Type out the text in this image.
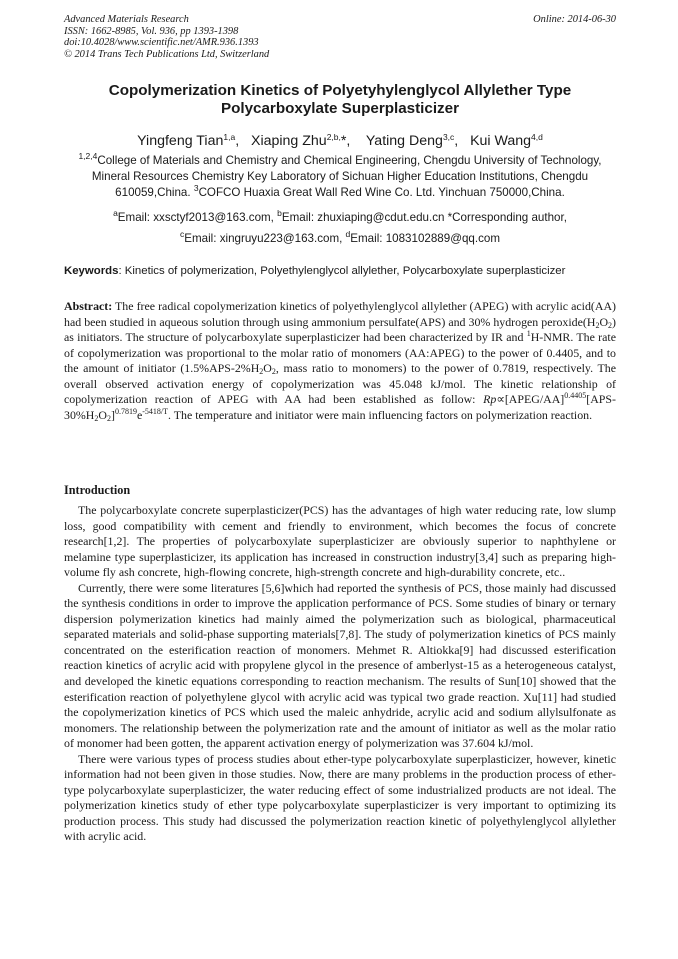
Advanced Materials Research
ISSN: 1662-8985, Vol. 936, pp 1393-1398
doi:10.4028/www.scientific.net/AMR.936.1393
© 2014 Trans Tech Publications Ltd, Switzerland
Online: 2014-06-30
Copolymerization Kinetics of Polyetyhylenglycol Allylether Type
Polycarboxylate Superplasticizer
Yingfeng Tian$^{1,a}$,   Xiaping Zhu$^{2,b,}$*,    Yating Deng$^{3,c}$,   Kui Wang$^{4,d}$
$^{1,2,4}$College of Materials and Chemistry and Chemical Engineering, Chengdu University of Technology, Mineral Resources Chemistry Key Laboratory of Sichuan Higher Education Institutions, Chengdu 610059,China. $^3$COFCO Huaxia Great Wall Red Wine Co. Ltd. Yinchuan 750000,China.
$^a$Email: xxsctyf2013@163.com, $^b$Email: zhuxiaping@cdut.edu.cn *Corresponding author,
$^c$Email: xingruyu223@163.com, $^d$Email: 1083102889@qq.com
Keywords: Kinetics of polymerization, Polyethylenglycol allylether, Polycarboxylate superplasticizer
Abstract: The free radical copolymerization kinetics of polyethylenglycol allylether (APEG) with acrylic acid(AA) had been studied in aqueous solution through using ammonium persulfate(APS) and 30% hydrogen $peroxide(H_2O_2)$ as initiators. The structure of polycarboxylate superplasticizer had been characterized by IR and $^1$H-NMR. The rate of copolymerization was proportional to the molar ratio of monomers (AA:APEG) to the power of 0.4405, and to the amount of initiator ($1.5\%APS-2\%H_2O_2$, mass ratio to monomers) to the power of 0.7819, respectively. The overall observed activation energy of copolymerization was 45.048 kJ/mol. The kinetic relationship of copolymerization reaction of APEG with AA had been established as follow: $Rp\propto[APEG/AA]^{0.4405}[APS-30\%H_2O_2]^{0.7819}e^{-5418/T}$. The temperature and initiator were main influencing factors on polymerization reaction.
Introduction

The polycarboxylate concrete superplasticizer(PCS) has the advantages of high water reducing rate, low slump loss, good compatibility with cement and friendly to environment, which becomes the focus of concrete research[1,2]. The properties of polycarboxylate superplasticizer are obviously superior to naphthylene or melamine type superplasticizer, its application has increased in construction industry[3,4] such as preparing high-volume fly ash concrete, high-flowing concrete, high-strength concrete and high-durability concrete, etc..

Currently, there were some literatures [5,6]which had reported the synthesis of PCS, those mainly had discussed the synthesis conditions in order to improve the application performance of PCS. Some studies of binary or ternary dispersion polymerization kinetics had mainly aimed the polymerization such as biological, pharmaceutical separated materials and solid-phase supporting materials[7,8]. The study of polymerization kinetics of PCS mainly concentrated on the esterification reaction of monomers. Mehmet R. Altiokka[9] had discussed esterification reaction kinetics of acrylic acid with propylene glycol in the presence of amberlyst-15 as a heterogeneous catalyst, and developed the kinetic equations corresponding to reaction mechanism. The results of Sun[10] showed that the esterification reaction of polyethylene glycol with acrylic acid was typical two grade reaction. Xu[11] had studied the copolymerization kinetics of PCS which used the maleic anhydride, acrylic acid and sodium allylsulfonate as monomers. The relationship between the polymerization rate and the amount of initiator as well as the molar ratio of monomer had been gotten, the apparent activation energy of polymerization was 37.604 kJ/mol.

There were various types of process studies about ether-type polycarboxylate superplasticizer, however, kinetic information had not been given in those studies. Now, there are many problems in the production process of ether-type polycarboxylate superplasticizer, the water reducing effect of some industrialized products are not ideal. The polymerization kinetics study of ether type polycarboxylate superplasticizer is very important to optimizing its production process. This study had discussed the polymerization reaction kinetic of polyethylenglycol allylether with acrylic acid.
